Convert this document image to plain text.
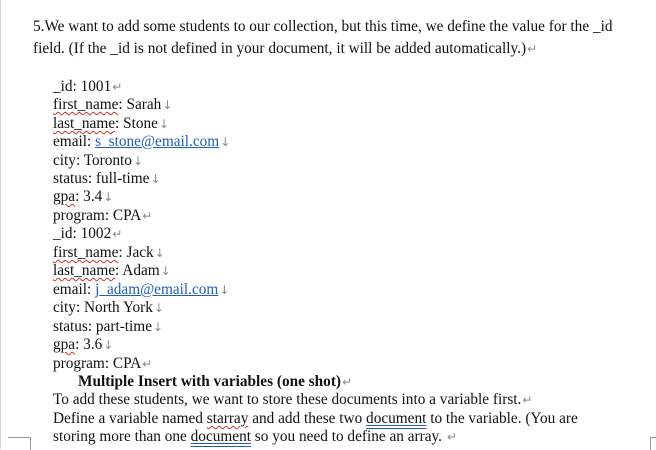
5.We want to add some students to our collection, but this time, we define the value for the _id
field. (If the _id is not defined in your document, it will be added automatically.)↵
_id: 1001↵
first_name: Sarah↓
last_name: Stone↓
email: s_stone@email.com↓
city: Toronto↓
status: full-time↓
gpa: 3.4↓
program: CPA↵
_id: 1002↵
first_name: Jack↓
last_name: Adam↓
email: j_adam@email.com↓
city: North York↓
status: part-time↓
gpa: 3.6↓
program: CPA↵
Multiple Insert with variables (one shot)↵
To add these students, we want to store these documents into a variable first.↵
Define a variable named starray and add these two document to the variable. (You are
storing more than one document so you need to define an array. ↵
